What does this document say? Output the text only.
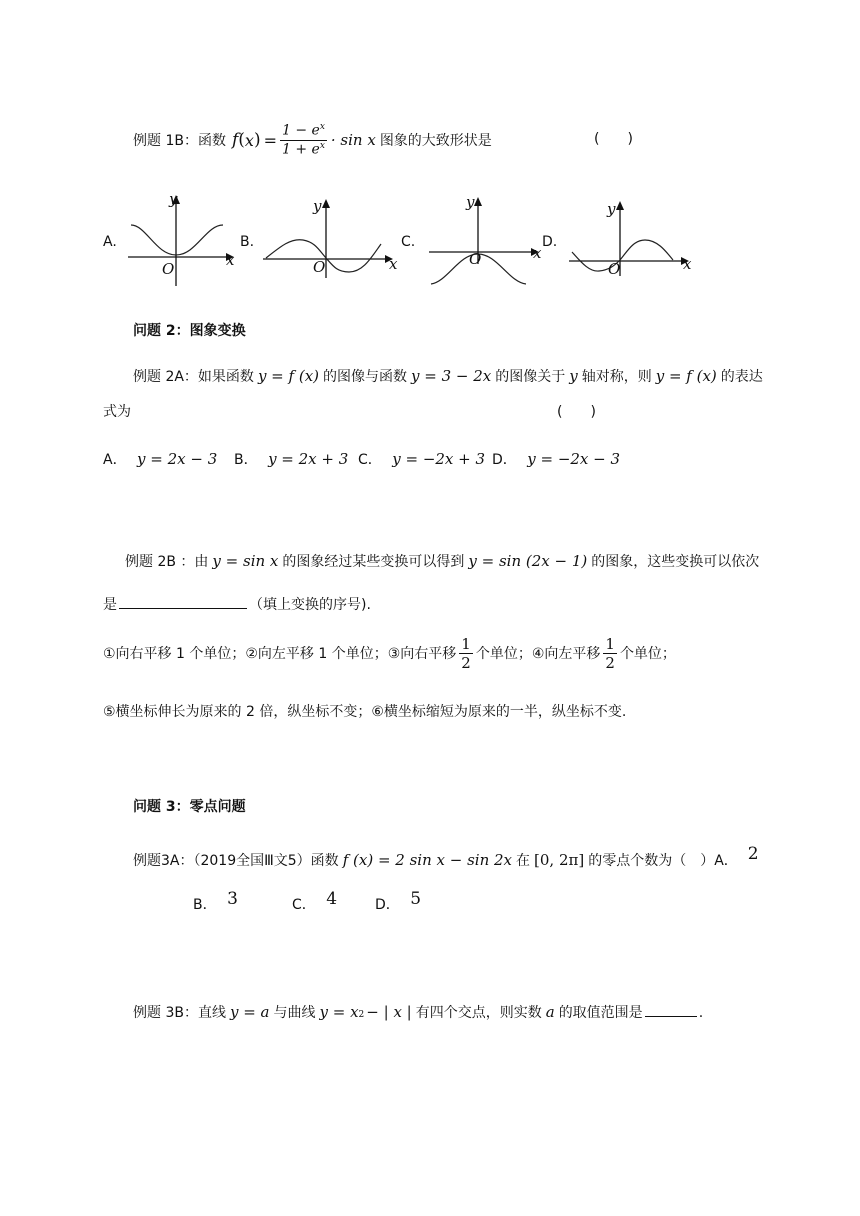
例题 1B：函数 f ( x ) = $\frac{1 - e^x}{1 + e^x} \cdot \sin x$ 图象的大致形状是	(　　)
A.	B.	C.	D.
y
x
O
y
x
O
y
x
O
y
x
O
问题 2：图象变换
例题 2A：如果函数 y = f (x) 的图像与函数 y = 3 − 2x 的图像关于 y 轴对称，则 y = f (x) 的表达
式为	(　　)
A． y = 2x − 3 B． y = 2x + 3 C． y = −2x + 3 D． y = −2x − 3
例题 2B ：由 y = sin x 的图象经过某些变换可以得到 y = sin (2x − 1) 的图象，这些变换可以依次
是	（填上变换的序号).
①向右平移 1 个单位；②向左平移 1 个单位；③向右平移 $\frac{1}{2}$ 个单位；④向左平移 $\frac{1}{2}$ 个单位；
⑤横坐标伸长为原来的 2 倍，纵坐标不变；⑥横坐标缩短为原来的一半，纵坐标不变.
问题 3：零点问题
例题3A：（2019全国Ⅲ文5）函数 f (x) = 2 sin x − sin 2x 在 [0, 2π] 的零点个数为（　）A． 2
B． 3	C． 4	D． 5
例题 3B：直线 y = a 与曲线 $y = x_2$ − | x | 有四个交点，则实数 a 的取值范围是	.
